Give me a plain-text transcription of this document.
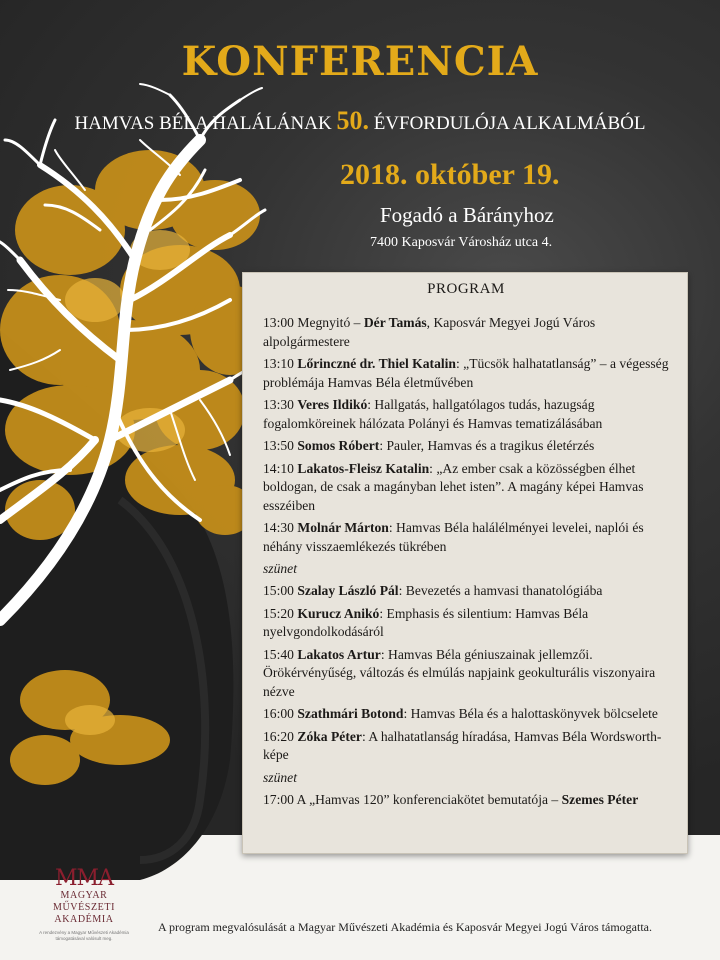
KONFERENCIA
HAMVAS BÉLA HALÁLÁNAK 50. ÉVFORDULÓJA ALKALMÁBÓL
2018. október 19.
Fogadó a Bárányhoz
7400 Kaposvár Városház utca 4.
PROGRAM
13:00 Megnyitó – Dér Tamás, Kaposvár Megyei Jogú Város alpolgármestere
13:10 Lőrinczné dr. Thiel Katalin: „Tücsök halhatatlanság” – a végesség problémája Hamvas Béla életművében
13:30 Veres Ildikó: Hallgatás, hallgatólagos tudás, hazugság fogalomköreinek hálózata Polányi és Hamvas tematizálásában
13:50 Somos Róbert: Pauler, Hamvas és a tragikus életérzés
14:10 Lakatos-Fleisz Katalin: „Az ember csak a közösségben élhet boldogan, de csak a magányban lehet isten”. A magány képei Hamvas esszéiben
14:30 Molnár Márton: Hamvas Béla halálélményei levelei, naplói és néhány visszaemlékezés tükrében
szünet
15:00 Szalay László Pál: Bevezetés a hamvasi thanatológiába
15:20 Kurucz Anikó: Emphasis és silentium: Hamvas Béla nyelvgondolkodásáról
15:40 Lakatos Artur: Hamvas Béla géniuszainak jellemzői. Örökérvényűség, változás és elmúlás napjaink geokulturális viszonyaira nézve
16:00 Szathmári Botond: Hamvas Béla és a halottaskönyvek bölcselete
16:20 Zóka Péter: A halhatatlanság híradása, Hamvas Béla Wordsworth-képe
szünet
17:00 A „Hamvas 120” konferenciakötet bemutatója – Szemes Péter
MMA
MAGYAR MŰVÉSZETI
AKADÉMIA
A rendezvény a Magyar Művészeti Akadémia támogatásával valósult meg.
A program megvalósulását a Magyar Művészeti Akadémia és Kaposvár Megyei Jogú Város támogatta.
